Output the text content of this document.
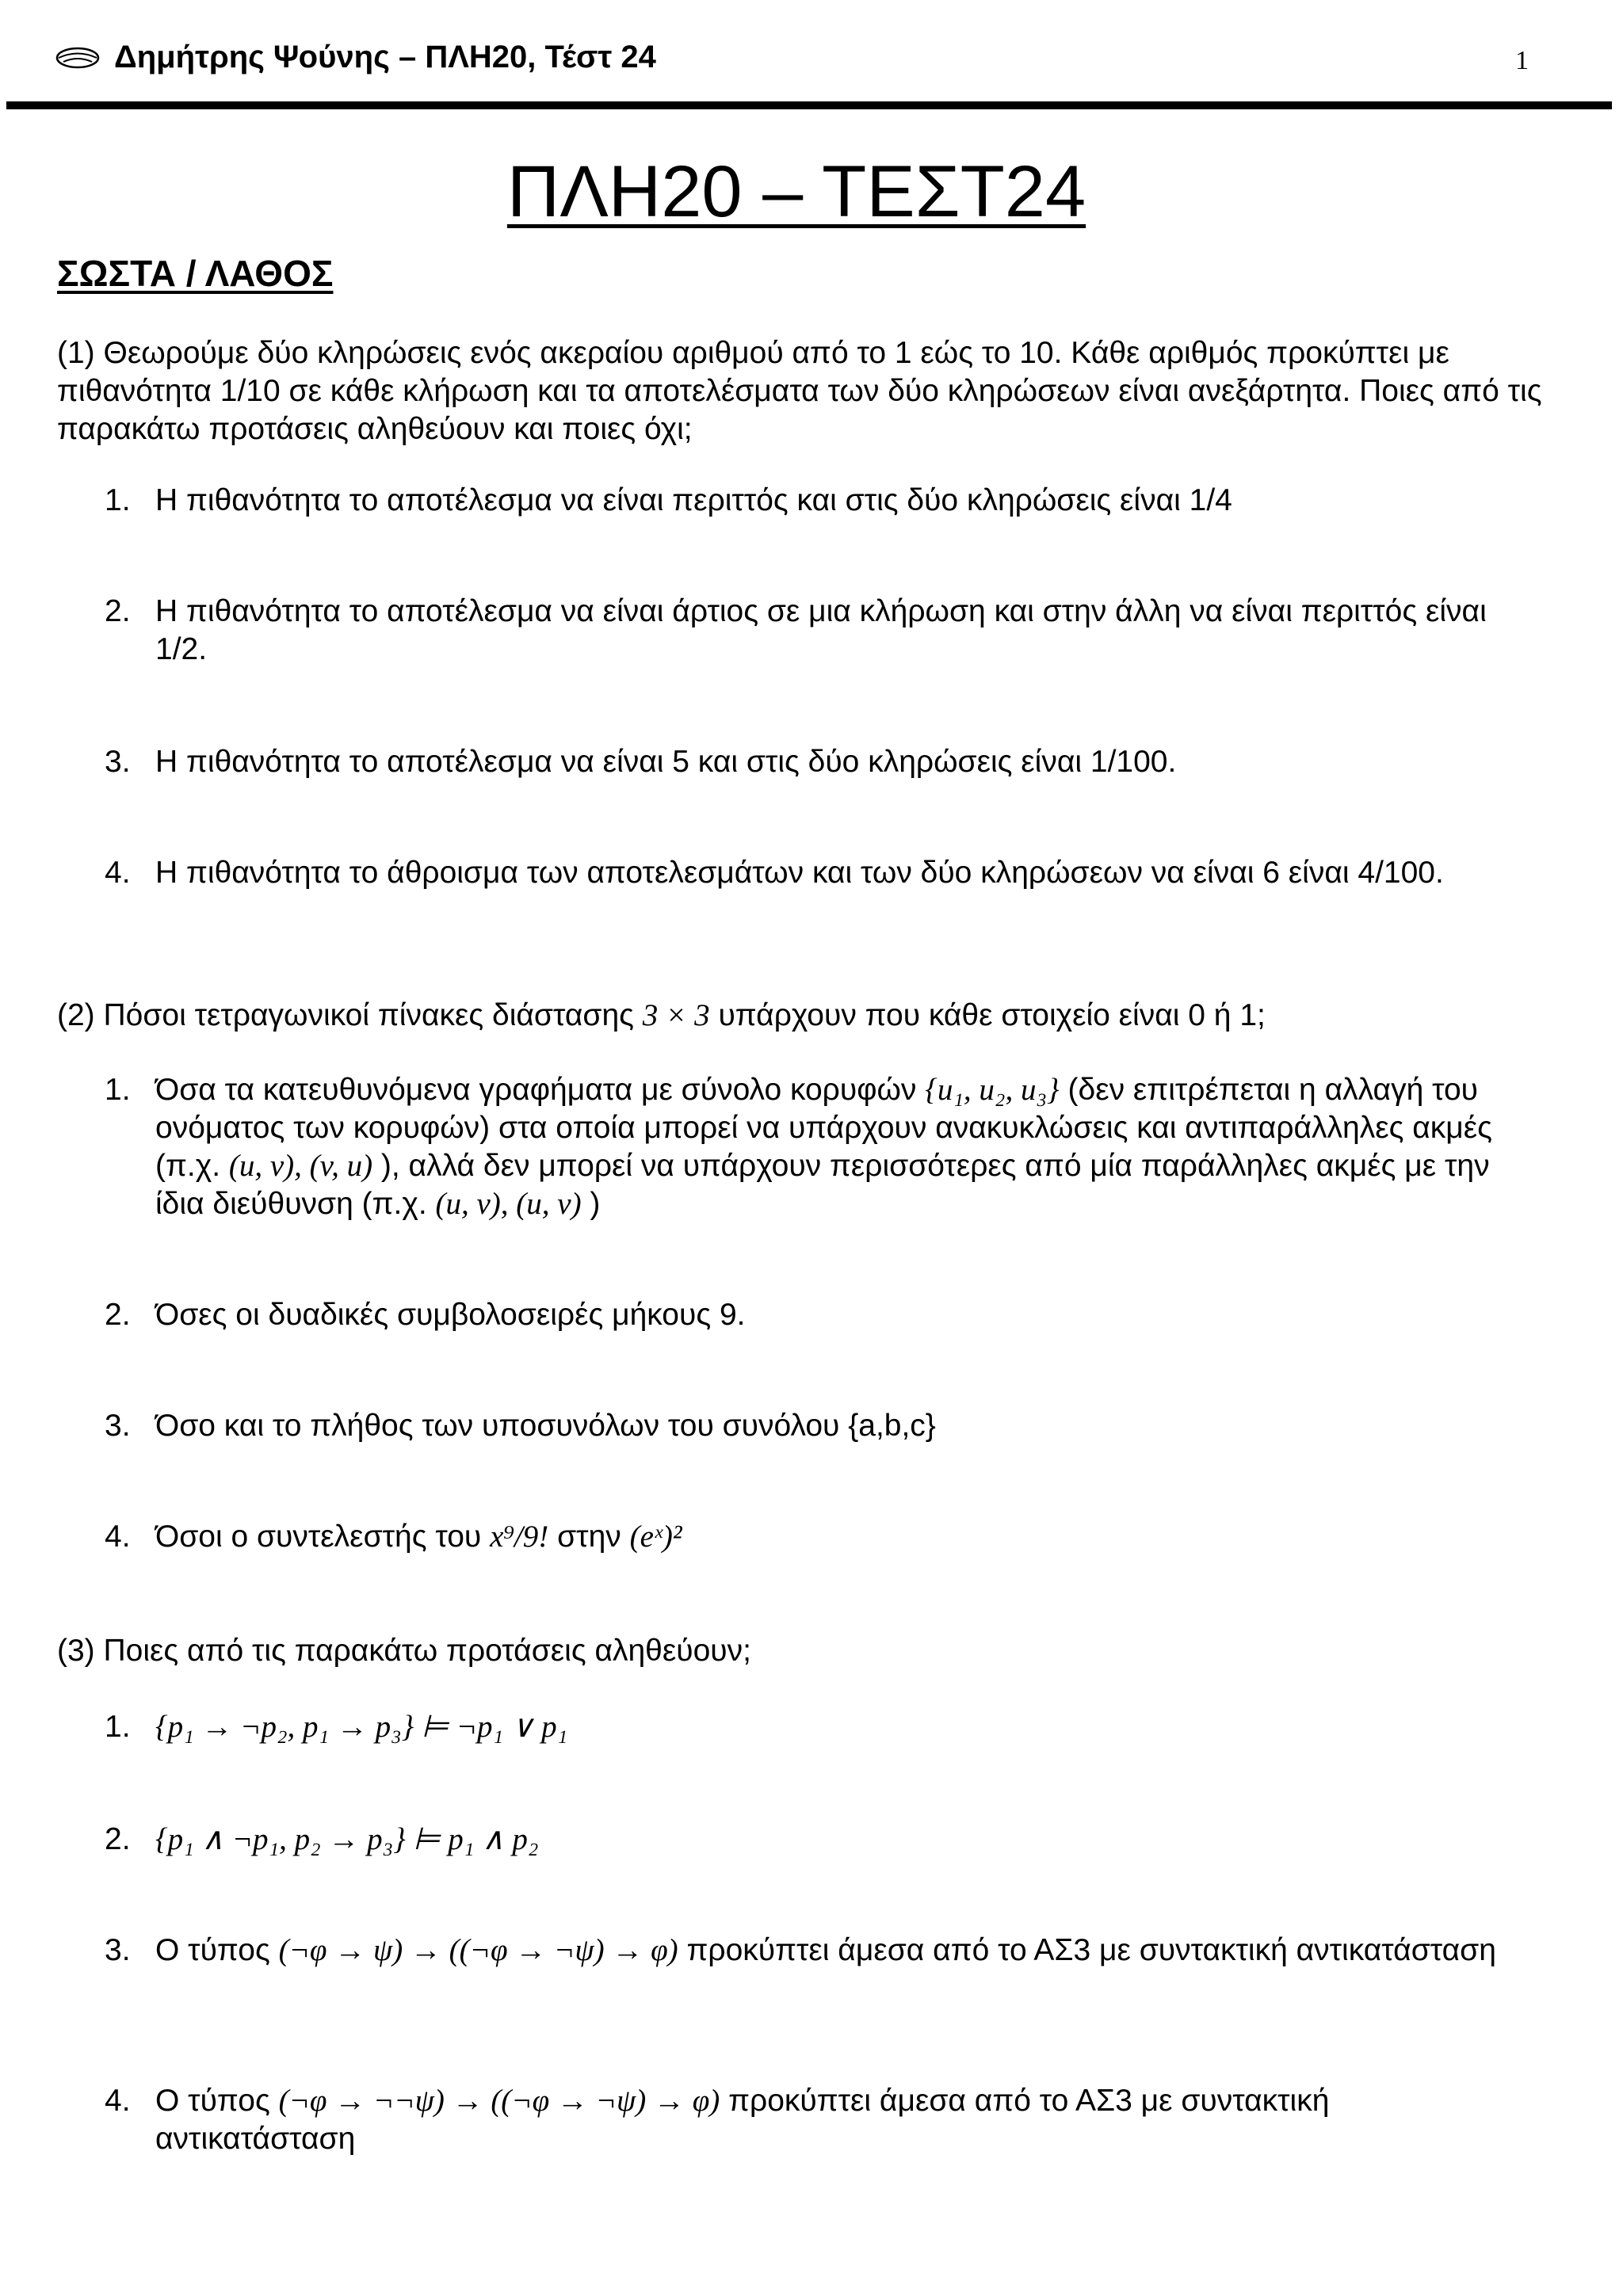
Δημήτρης Ψούνης – ΠΛΗ20, Τέστ 24	1
ΠΛΗ20 – ΤΕΣΤ24
ΣΩΣΤΑ / ΛΑΘΟΣ
(1) Θεωρούμε δύο κληρώσεις ενός ακεραίου αριθμού από το 1 εώς το 10. Κάθε αριθμός προκύπτει με πιθανότητα 1/10 σε κάθε κλήρωση και τα αποτελέσματα των δύο κληρώσεων είναι ανεξάρτητα. Ποιες από τις παρακάτω προτάσεις αληθεύουν και ποιες όχι;
1. Η πιθανότητα το αποτέλεσμα να είναι περιττός και στις δύο κληρώσεις είναι 1/4
2. Η πιθανότητα το αποτέλεσμα να είναι άρτιος σε μια κλήρωση και στην άλλη να είναι περιττός είναι 1/2.
3. Η πιθανότητα το αποτέλεσμα να είναι 5 και στις δύο κληρώσεις είναι 1/100.
4. Η πιθανότητα το άθροισμα των αποτελεσμάτων και των δύο κληρώσεων να είναι 6 είναι 4/100.
(2) Πόσοι τετραγωνικοί πίνακες διάστασης 3 × 3 υπάρχουν που κάθε στοιχείο είναι 0 ή 1;
1. Όσα τα κατευθυνόμενα γραφήματα με σύνολο κορυφών {u₁, u₂, u₃} (δεν επιτρέπεται η αλλαγή του ονόματος των κορυφών) στα οποία μπορεί να υπάρχουν ανακυκλώσεις και αντιπαράλληλες ακμές (π.χ. (u, v), (v, u) ), αλλά δεν μπορεί να υπάρχουν περισσότερες από μία παράλληλες ακμές με την ίδια διεύθυνση (π.χ. (u, v), (u, v) )
2. Όσες οι δυαδικές συμβολοσειρές μήκους 9.
3. Όσο και το πλήθος των υποσυνόλων του συνόλου {a,b,c}
4. Όσοι ο συντελεστής του x⁹/9! στην (eˣ)²
(3) Ποιες από τις παρακάτω προτάσεις αληθεύουν;
1. {p₁ → ¬p₂, p₁ → p₃} ⊨ ¬p₁ ∨ p₁
2. {p₁ ∧ ¬p₁, p₂ → p₃} ⊨ p₁ ∧ p₂
3. Ο τύπος (¬φ → ψ) → ((¬φ → ¬ψ) → φ) προκύπτει άμεσα από το ΑΣ3 με συντακτική αντικατάσταση
4. Ο τύπος (¬φ → ¬¬ψ) → ((¬φ → ¬ψ) → φ) προκύπτει άμεσα από το ΑΣ3 με συντακτική αντικατάσταση
